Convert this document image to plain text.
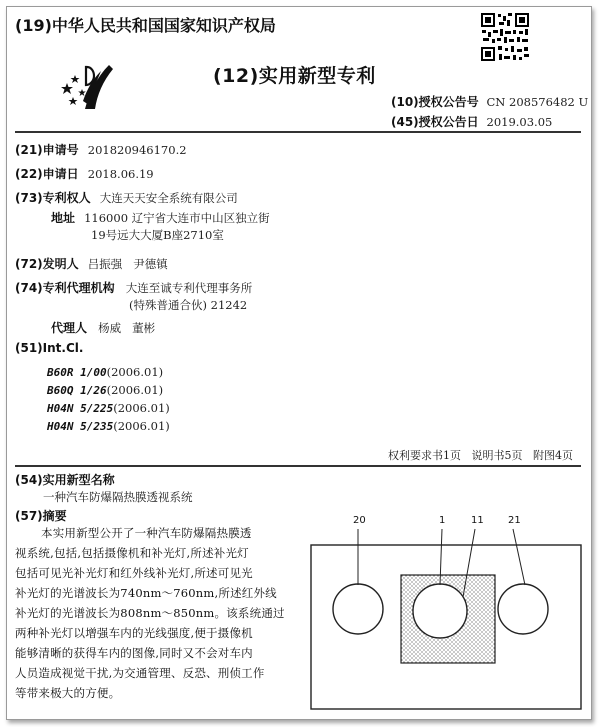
(19)中华人民共和国国家知识产权局
(12)实用新型专利
(10)授权公告号 CN 208576482 U
(45)授权公告日 2019.03.05
(21)申请号 201820946170.2
(22)申请日 2018.06.19
(73)专利权人 大连天天安全系统有限公司
地址 116000 辽宁省大连市中山区独立街
19号远大大厦B座2710室
(72)发明人 吕振强   尹德镇
(74)专利代理机构 大连至诚专利代理事务所
(特殊普通合伙) 21242
代理人 杨威   董彬
(51)Int.Cl.
B60R 1/00(2006.01)
B60Q 1/26(2006.01)
H04N 5/225(2006.01)
H04N 5/235(2006.01)
权利要求书1页   说明书5页   附图4页
(54)实用新型名称
一种汽车防爆隔热膜透视系统
(57)摘要
本实用新型公开了一种汽车防爆隔热膜透
视系统,包括,包括摄像机和补光灯,所述补光灯
包括可见光补光灯和红外线补光灯,所述可见光
补光灯的光谱波长为740nm～760nm,所述红外线
补光灯的光谱波长为808nm～850nm。该系统通过
两种补光灯以增强车内的光线强度,便于摄像机
能够清晰的获得车内的图像,同时又不会对车内
人员造成视觉干扰,为交通管理、反恐、刑侦工作
等带来极大的方便。
20	1	11 21
